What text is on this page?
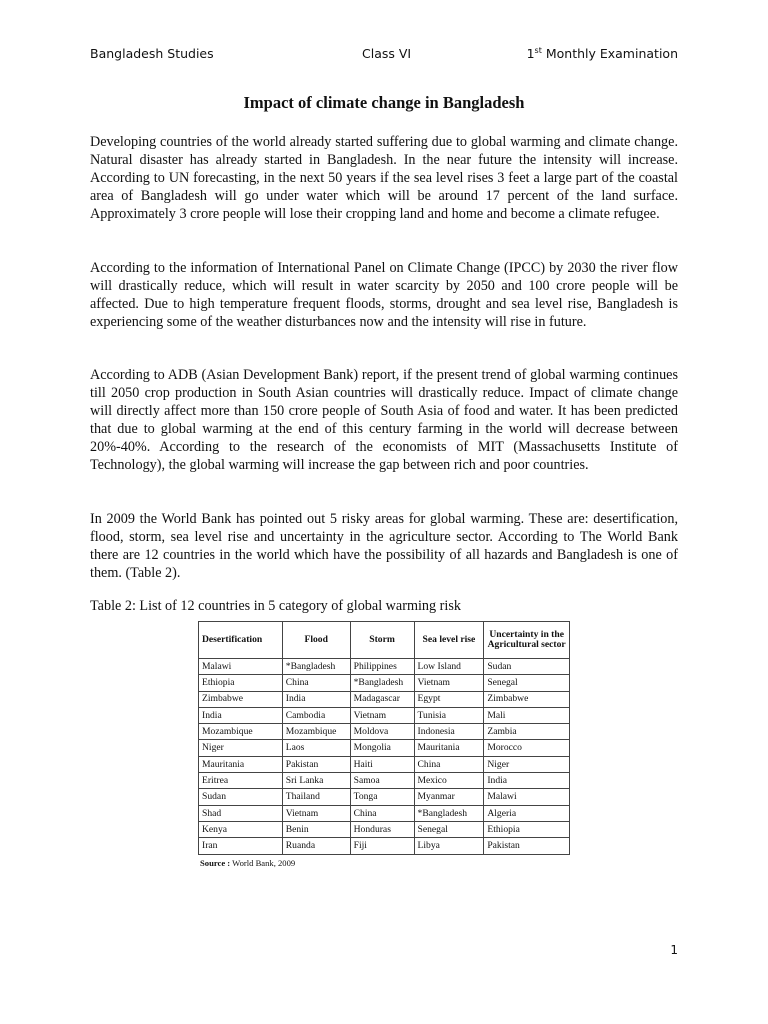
Bangladesh Studies	Class VI	1st Monthly Examination
Impact of climate change in Bangladesh

Developing countries of the world already started suffering due to global warming and climate change. Natural disaster has already started in Bangladesh. In the near future the intensity will increase. According to UN forecasting, in the next 50 years if the sea level rises 3 feet a large part of the coastal area of Bangladesh will go under water which will be around 17 percent of the land surface. Approximately 3 crore people will lose their cropping land and home and become a climate refugee.

According to the information of International Panel on Climate Change (IPCC) by 2030 the river flow will drastically reduce, which will result in water scarcity by 2050 and 100 crore people will be affected. Due to high temperature frequent floods, storms, drought and sea level rise, Bangladesh is experiencing some of the weather disturbances now and the intensity will rise in future.

According to ADB (Asian Development Bank) report, if the present trend of global warming continues till 2050 crop production in South Asian countries will drastically reduce. Impact of climate change will directly affect more than 150 crore people of South Asia of food and water. It has been predicted that due to global warming at the end of this century farming in the world will decrease between 20%-40%. According to the research of the economists of MIT (Massachusetts Institute of Technology), the global warming will increase the gap between rich and poor countries.

In 2009 the World Bank has pointed out 5 risky areas for global warming. These are: desertification, flood, storm, sea level rise and uncertainty in the agriculture sector. According to The World Bank there are 12 countries in the world which have the possibility of all hazards and Bangladesh is one of them. (Table 2).

Table 2: List of 12 countries in 5 category of global warming risk
Desertification	Flood	Storm	Sea level rise	Uncertainty in the Agricultural sector
Malawi	*Bangladesh	Philippines	Low Island	Sudan
Ethiopia	China	*Bangladesh	Vietnam	Senegal
Zimbabwe	India	Madagascar	Egypt	Zimbabwe
India	Cambodia	Vietnam	Tunisia	Mali
Mozambique	Mozambique	Moldova	Indonesia	Zambia
Niger	Laos	Mongolia	Mauritania	Morocco
Mauritania	Pakistan	Haiti	China	Niger
Eritrea	Sri Lanka	Samoa	Mexico	India
Sudan	Thailand	Tonga	Myanmar	Malawi
Shad	Vietnam	China	*Bangladesh	Algeria
Kenya	Benin	Honduras	Senegal	Ethiopia
Iran	Ruanda	Fiji	Libya	Pakistan
Source : World Bank, 2009
1
